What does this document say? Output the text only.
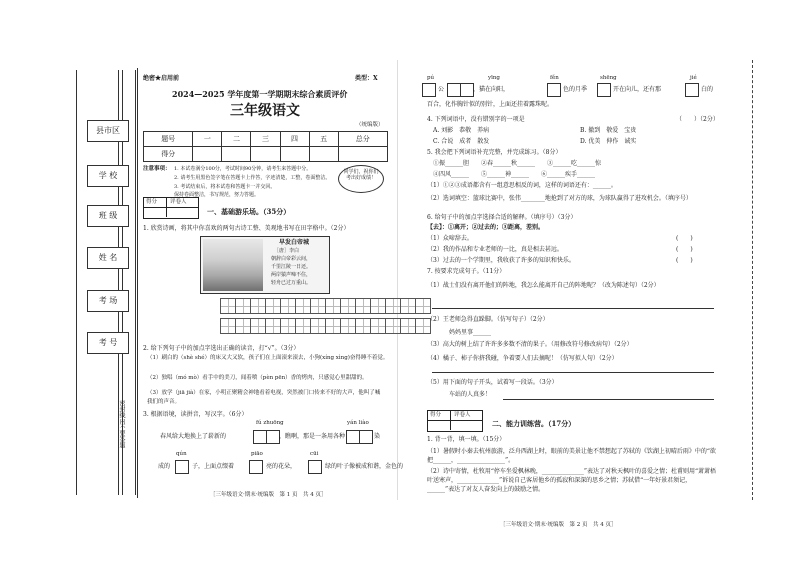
密封线内不要答题
县市区
学 校
班 级
姓 名
考 场
考 号
绝密★启用前	类型：X
2024—2025 学年度第一学期期末综合素质评价
三年级语文
（统编版）
题号	一	二	三	四	五	总分
得分						
注意事项： 1. 本试卷满分100分，考试时间90分钟，请考生来答题中分。
2. 请考生用黑色签字笔在答题卡上作答，字迹清楚，工整，卷面整洁。
3. 考试结束后，将本试卷和答题卡一并交回。
保持卷面整洁，书写规范，努力答题。
同学们，祝你们考出好成绩！
得分 评卷人
一、基础游乐场。（35分）
1. 欣赏诗画，将其中你喜欢的两句古诗工整、美观地书写在田字格中。（2分）
早发白帝城
［唐］李白
朝辞白帝彩云间，
千里江陵一日还。
两岸猿声啼不住，
轻舟已过万重山。
2. 给下列句子中的加点字选出正确的读音，打“√”。（3分）
（1）刷白的（shè shé）的床又大又软，孩子们在上面滚来滚去，小狗(xíng xìng)奋得睡不着觉。
（2）独唱（mó mò）看手中的美刀，闻着喷（pèn pēn）香的烤肉，只感觉心里甜甜的。
（3）放学（jiā jià）在家，小明正聚精会神地看着电视，突然被门口传来不好的大声，他叫了喊我们的声音。
3. 根据语境，读拼音，写汉字。（6分）
fú zhuōng	yán liào
春风给大地换上了崭新的	，瞧啊，那是一条用各种	染
qún	piāo	cūi
成的	子，上面点缀着	亮的花朵，	绿的叶子像被成和谐，金色的
［三年级语文·期末·统编版　第 1 页　共 4 页］
pú	yīng	fěn	shēng	jié
公	，猫在向阳，	色的月季	开在向儿，还有那	白的
百合，化作胸针似的别针，上面还挂着露珠呢。
4. 下列词语中，没有错别字的一项是	（　　）（2分）
A. 刘影　恭敬　养病	B. 撤到　敬爱　宝贵
C. 合说　成者　散发	D. 优美　伸作　诚实
5. 我会把下列词语补充完整，并完成练习。（8分）
①振______胆　　②春______秋______　　③______吃______惊
④四风______　　⑤______神______　　⑥______疾手______
（1）①②③成语都含有一组意思相反的词，这样的词语还有：______。
（2）选词填空：篮球比赛中，张伟________地抢到了对方的球，为球队赢得了进攻机会。（填序号）
6. 给句子中的加点字选择合适的解释。（填序号）（3分）
【去】：①离开；②过去的；③距离，差别。
（1）众啼辞去。	(　　)
（2）我的作品和专业老师的一比，真是相去甚远。	(　　)
（3）过去的一个学期里，我收获了许多的知识和快乐。	(　　)
7. 按要求完成句子。（11分）
（1）战士们没有离开他们的阵地，我怎么能离开自己的阵地呢？（改为陈述句）（2分）
（2）王老师急得直跺脚。（仿写句子）（2分）
妈妈里事______
（3）高大的树上结了许许多多数不清的果子。（用修改符号修改病句）（2分）
（4）橘子、柿子你挤我碰，争着要人们去摘呢！（仿写拟人句）（2分）
（5）用下面的句子开头，试着写一段话。（3分）
车站的人真多！
得分 评卷人
二、能力训练营。（17分）
1. 背一背，填一填。（15分）
（1）暑假时小秦去杭州旅游，泛舟西湖上时，眼前的美景让他不禁想起了苏轼的《饮湖上初晴后雨》中的“欲把______，________________”。
（2）诗中寄情，杜牧用“停车坐爱枫林晚，______________”表达了对秋天枫叶的喜爱之情；杜甫则用“萧萧梧叶送寒声，______________”诉说自己客居他乡的孤寂和深深的思乡之情；苏轼借“一年好景君须记，______”表达了对友人奋发向上的鼓励之情。
［三年级语文·期末·统编版　第 2 页　共 4 页］
